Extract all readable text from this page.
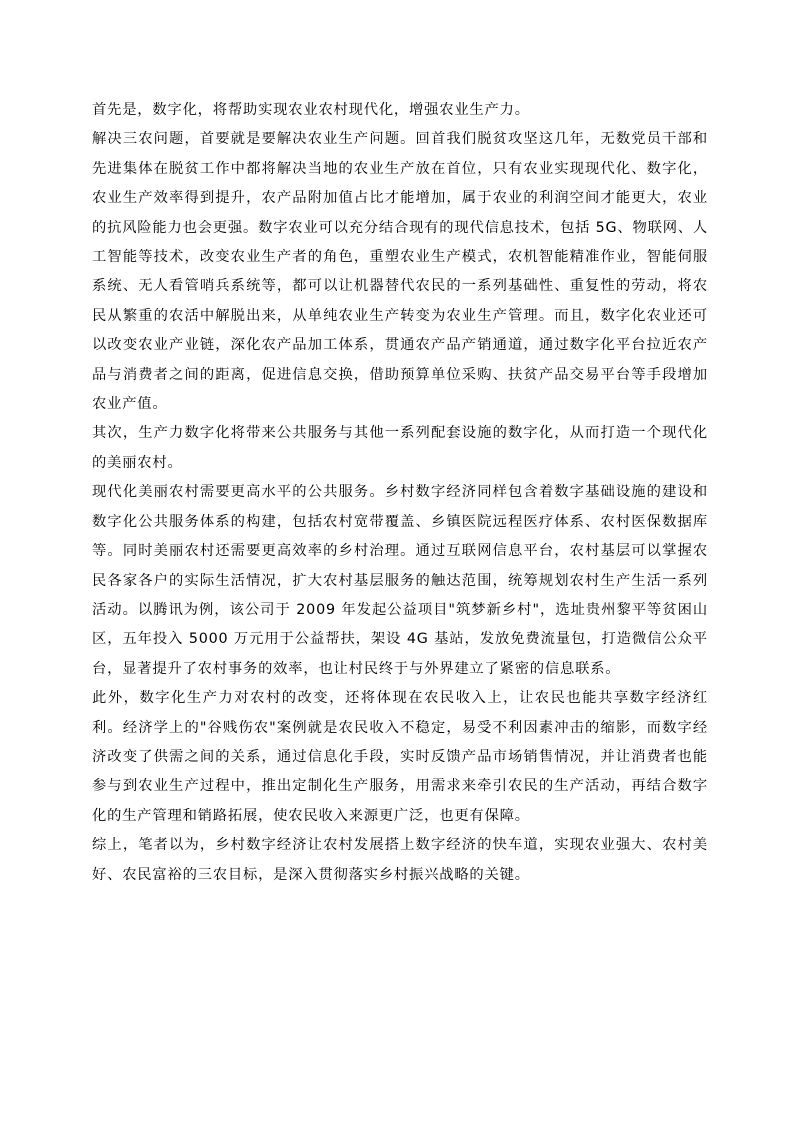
首先是，数字化，将帮助实现农业农村现代化，增强农业生产力。

解决三农问题，首要就是要解决农业生产问题。回首我们脱贫攻坚这几年，无数党员干部和先进集体在脱贫工作中都将解决当地的农业生产放在首位，只有农业实现现代化、数字化，农业生产效率得到提升，农产品附加值占比才能增加，属于农业的利润空间才能更大，农业的抗风险能力也会更强。数字农业可以充分结合现有的现代信息技术，包括 5G、物联网、人工智能等技术，改变农业生产者的角色，重塑农业生产模式，农机智能精准作业，智能伺服系统、无人看管哨兵系统等，都可以让机器替代农民的一系列基础性、重复性的劳动，将农民从繁重的农活中解脱出来，从单纯农业生产转变为农业生产管理。而且，数字化农业还可以改变农业产业链，深化农产品加工体系，贯通农产品产销通道，通过数字化平台拉近农产品与消费者之间的距离，促进信息交换，借助预算单位采购、扶贫产品交易平台等手段增加农业产值。

其次，生产力数字化将带来公共服务与其他一系列配套设施的数字化，从而打造一个现代化的美丽农村。

现代化美丽农村需要更高水平的公共服务。乡村数字经济同样包含着数字基础设施的建设和数字化公共服务体系的构建，包括农村宽带覆盖、乡镇医院远程医疗体系、农村医保数据库等。同时美丽农村还需要更高效率的乡村治理。通过互联网信息平台，农村基层可以掌握农民各家各户的实际生活情况，扩大农村基层服务的触达范围，统筹规划农村生产生活一系列活动。以腾讯为例，该公司于 2009 年发起公益项目"筑梦新乡村"，选址贵州黎平等贫困山区，五年投入 5000 万元用于公益帮扶，架设 4G 基站，发放免费流量包，打造微信公众平台，显著提升了农村事务的效率，也让村民终于与外界建立了紧密的信息联系。

此外，数字化生产力对农村的改变，还将体现在农民收入上，让农民也能共享数字经济红利。经济学上的"谷贱伤农"案例就是农民收入不稳定，易受不利因素冲击的缩影，而数字经济改变了供需之间的关系，通过信息化手段，实时反馈产品市场销售情况，并让消费者也能参与到农业生产过程中，推出定制化生产服务，用需求来牵引农民的生产活动，再结合数字化的生产管理和销路拓展，使农民收入来源更广泛，也更有保障。

综上，笔者以为，乡村数字经济让农村发展搭上数字经济的快车道，实现农业强大、农村美好、农民富裕的三农目标，是深入贯彻落实乡村振兴战略的关键。
